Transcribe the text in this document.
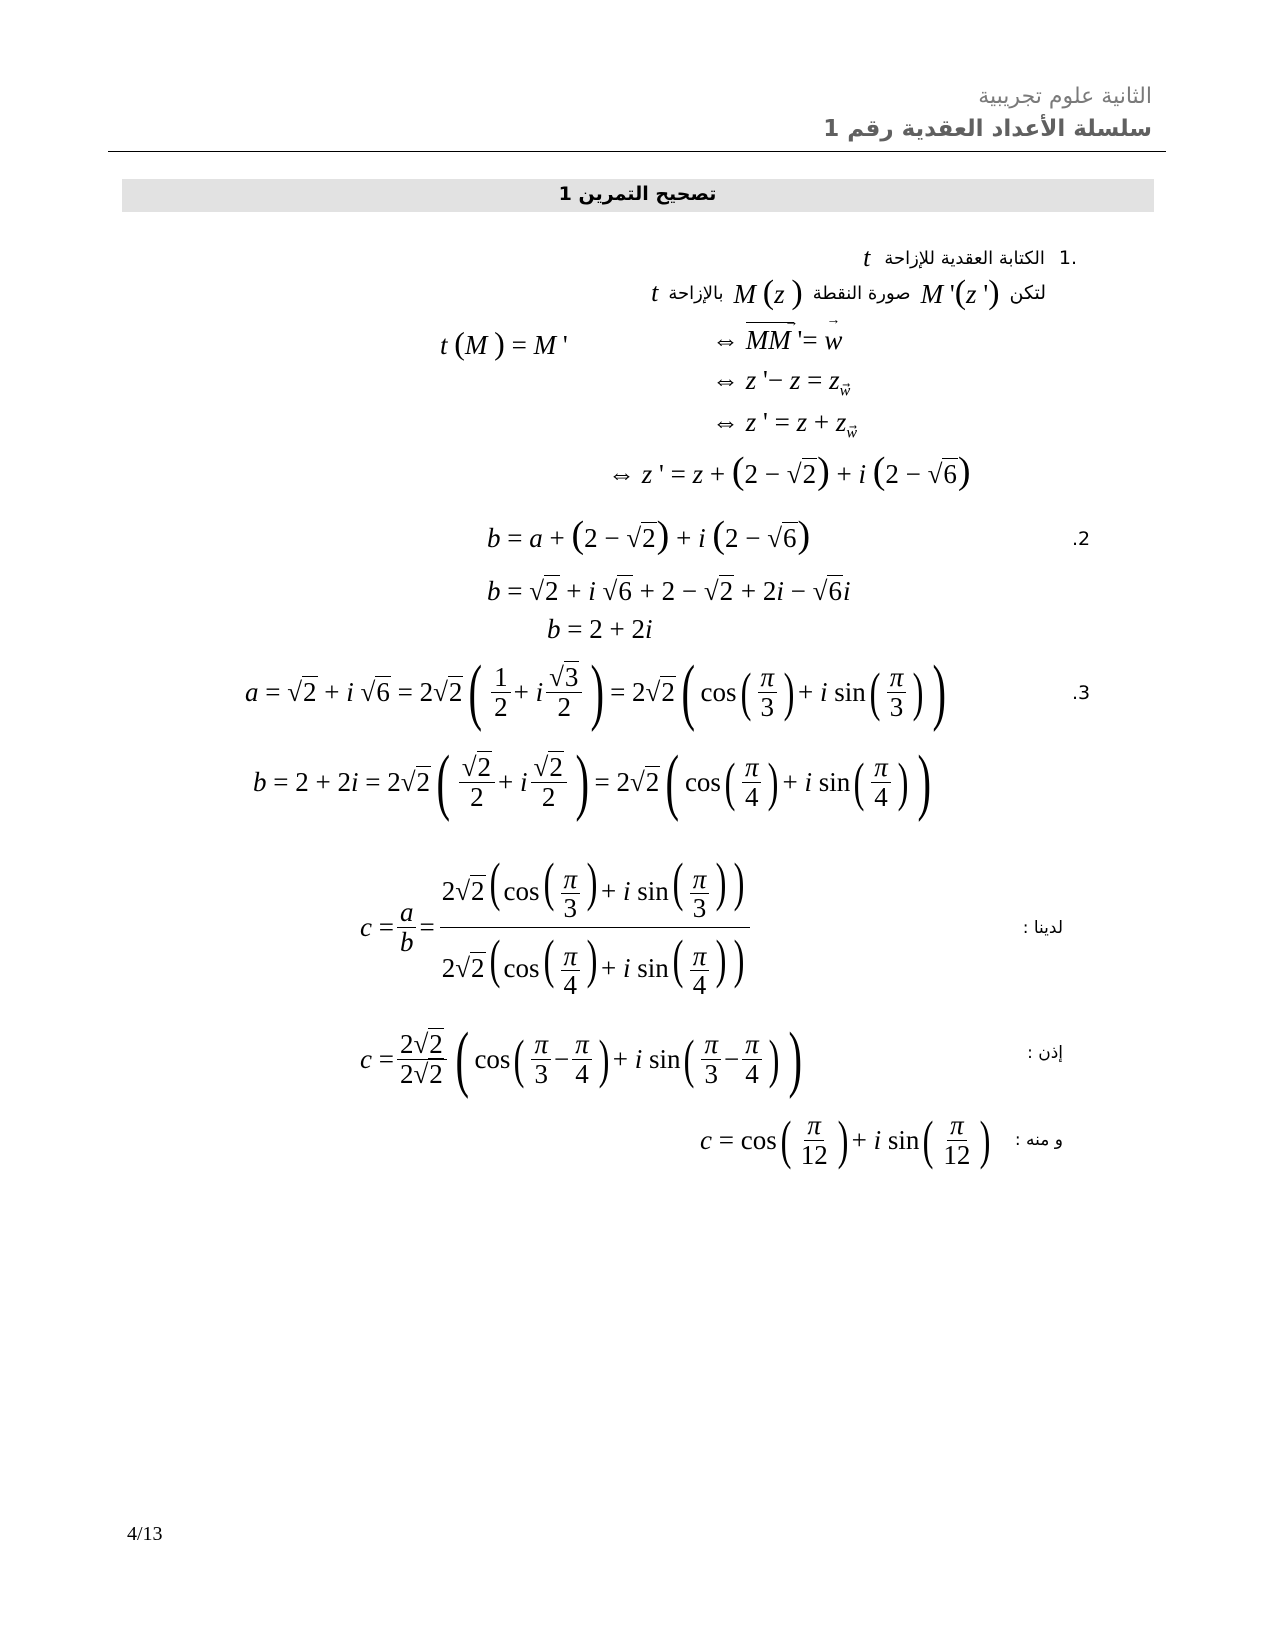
الثانية علوم تجريبية
سلسلة الأعداد العقدية رقم 1
تصحيح التمرين 1
1.
الكتابة العقدية للإزاحة
t
لتكن
M '(z ')
صورة النقطة
M (z )
بالإزاحة
t
t (M ) = M '	⇔ MM '
→
= w
→
⇔ z '− $z = z_w$
⇔ z ' = $z + z_w$
⇔ z ' = z + (2 − √2) + i (2 − √6)
.2
b = a + (2 − √2) + i (2 − √6)
b = √2 + i √6 + 2 − √2 + 2i − √6i
b = 2 + 2i
.3
a = √2 + i √6 = 2√2 ( $\frac{1}{2} + i \frac{√3}{2}$ ) = 2√2 ( cos ( $\frac{\pi}{3}$ ) + i sin ( $\frac{\pi}{3}$ ) )
b = 2 + 2i = 2√2 ( $\frac{√2}{2} + i \frac{√2}{2}$ ) = 2√2 ( cos ( $\frac{\pi}{4}$ ) + i sin ( $\frac{\pi}{4}$ ) )
لدينا :
$c = \frac{a}{b} = \frac{2√2( \cos( \frac{\pi}{3} ) + i \sin( \frac{\pi}{3} ) )}{2√2( \cos( \frac{\pi}{4} ) + i \sin( \frac{\pi}{4} ) )}$
إذن :
$c = \frac{2√2}{2√2}$ ( cos ( $\frac{\pi}{3} - \frac{\pi}{4}$ ) + i sin ( $\frac{\pi}{3} - \frac{\pi}{4}$ ) )
و منه :
c = cos ( $\frac{\pi}{12}$ ) + i sin ( $\frac{\pi}{12}$ )
4/13
